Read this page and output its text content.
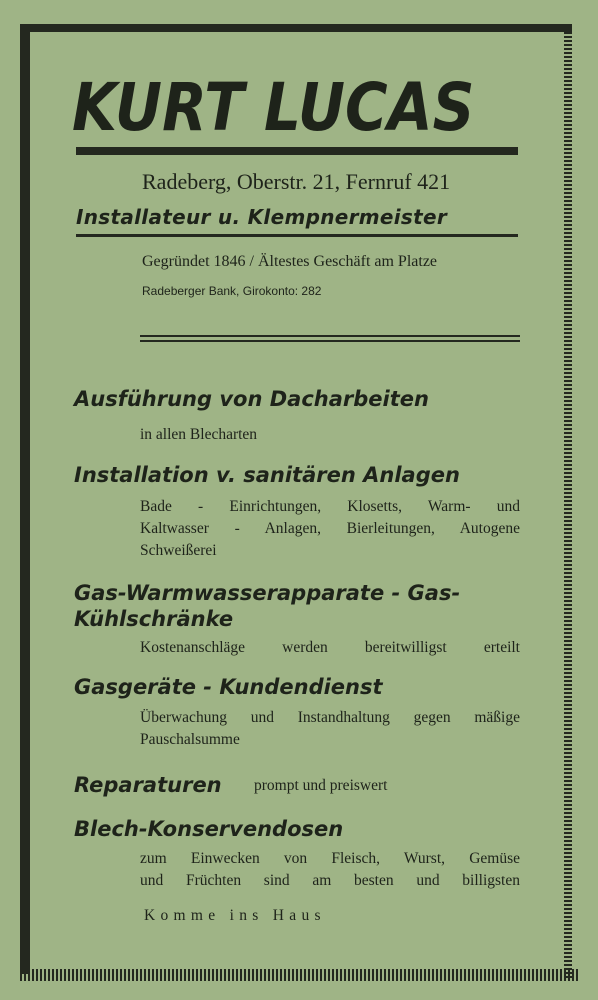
KURT LUCAS
Radeberg, Oberstr. 21, Fernruf 421
Installateur u. Klempnermeister
Gegründet 1846 / Ältestes Geschäft am Platze
Radeberger Bank, Girokonto: 282
Ausführung von Dacharbeiten

in allen Blecharten

Installation v. sanitären Anlagen
Bade - Einrichtungen, Klosetts, Warm- und
Kaltwasser - Anlagen, Bierleitungen, Autogene
Schweißerei
Gas-Warmwasserapparate - Gas-
Kühlschränke
Kostenanschläge werden bereitwilligst erteilt
Gasgeräte - Kundendienst
Überwachung und Instandhaltung gegen mäßige
Pauschalsumme
Reparaturen prompt und preiswert

Blech-Konservendosen
zum Einwecken von Fleisch, Wurst, Gemüse
und Früchten sind am besten und billigsten
Komme ins Haus
